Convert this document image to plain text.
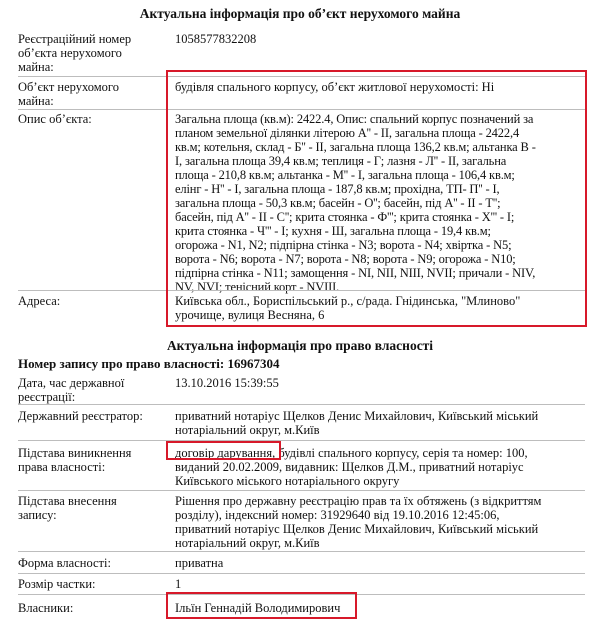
Актуальна інформація про об’єкт нерухомого майна
Реєстраційний номер
об’єкта нерухомого
майна:
1058577832208
Об’єкт нерухомого
майна:
будівля спального корпусу, об’єкт житлової нерухомості: Ні
Опис об’єкта:	Загальна площа (кв.м): 2422.4, Опис: спальний корпус позначений за
планом земельної ділянки літерою А'' - II, загальна площа - 2422,4
кв.м; котельня, склад - Б'' - II, загальна площа 136,2 кв.м; альтанка В -
I, загальна площа 39,4 кв.м; теплиця - Г; лазня - Л'' - II, загальна
площа - 210,8 кв.м; альтанка - М'' - I, загальна площа - 106,4 кв.м;
елінг - Н'' - I, загальна площа - 187,8 кв.м; прохідна, ТП- П'' - I,
загальна площа - 50,3 кв.м; басейн - О''; басейн, під А'' - II - Т'';
басейн, під А'' - II - С''; крита стоянка - Ф'''; крита стоянка - Х''' - I;
крита стоянка - Ч''' - I; кухня - Ш, загальна площа - 19,4 кв.м;
огорожа - N1, N2; підпірна стінка - N3; ворота - N4; хвіртка - N5;
ворота - N6; ворота - N7; ворота - N8; ворота - N9; огорожа - N10;
підпірна стінка - N11; замощення - NI, NII, NIII, NVII; причали - NIV,
NV, NVI; тенісний корт - NVIII.
Адреса:	Київська обл., Бориспільський р., с/рада. Гнідинська, "Млиново"
урочище, вулиця Весняна, 6
Актуальна інформація про право власності
Номер запису про право власності: 16967304
Дата, час державної
реєстрації:
13.10.2016 15:39:55
Державний реєстратор:	приватний нотаріус Щелков Денис Михайлович, Київський міський
нотаріальний округ, м.Київ
Підстава виникнення
права власності:
договір дарування, будівлі спального корпусу, серія та номер: 100,
виданий 20.02.2009, видавник: Щелков Д.М., приватний нотаріус
Київського міського нотаріального округу
Підстава внесення
запису:
Рішення про державну реєстрацію прав та їх обтяжень (з відкриттям
розділу), індексний номер: 31929640 від 19.10.2016 12:45:06,
приватний нотаріус Щелков Денис Михайлович, Київський міський
нотаріальний округ, м.Київ
Форма власності:	приватна
Розмір частки:	1
Власники:	Ільїн Геннадій Володимирович
